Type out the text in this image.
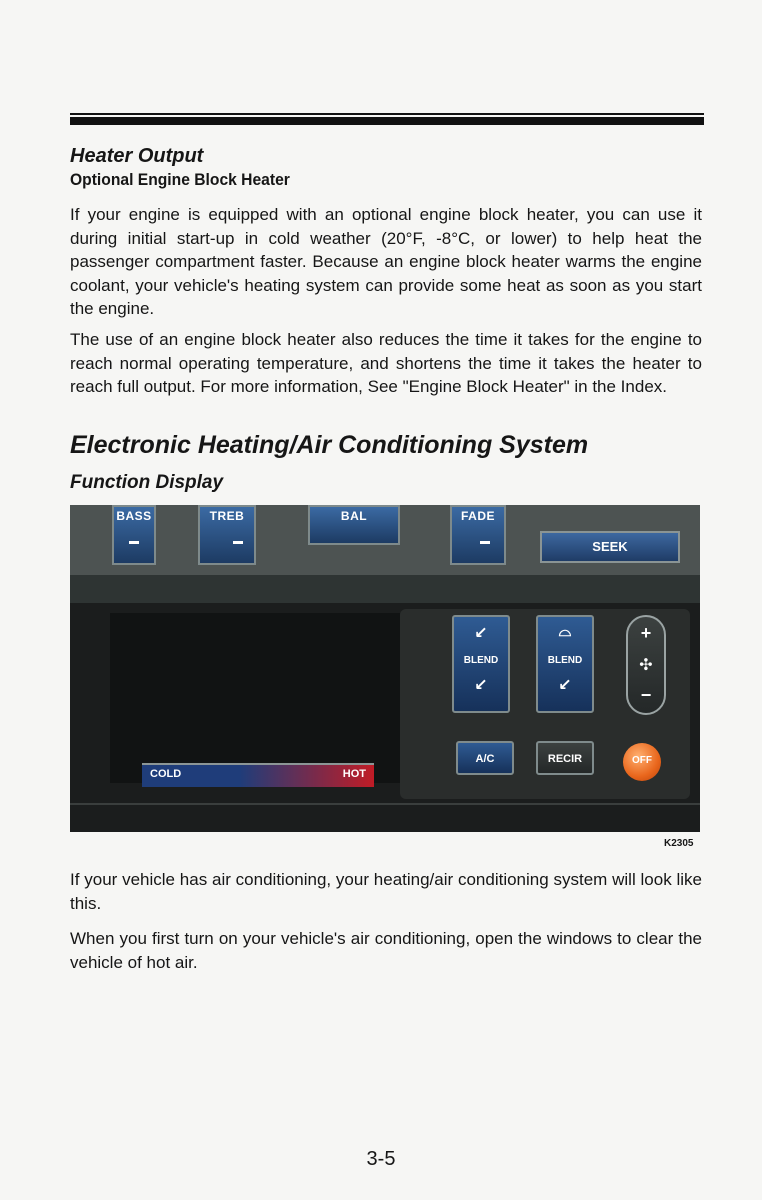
Heater Output
Optional Engine Block Heater

If your engine is equipped with an optional engine block heater, you can use it during initial start-up in cold weather (20°F, -8°C, or lower) to help heat the passenger compartment faster. Because an engine block heater warms the engine coolant, your vehicle's heating system can provide some heat as soon as you start the engine.

The use of an engine block heater also reduces the time it takes for the engine to reach normal operating temperature, and shortens the time it takes the heater to reach full output. For more information, See "Engine Block Heater" in the Index.

Electronic Heating/Air Conditioning System
Function Display
BASS	TREB	BAL	FADE
SEEK
↙
BLEND
↙
⌓
BLEND
↙
+
✣
−
A/C	RECIR	OFF
COLD	HOT

K2305

If your vehicle has air conditioning, your heating/air conditioning system will look like this.

When you first turn on your vehicle's air conditioning, open the windows to clear the vehicle of hot air.

3-5
